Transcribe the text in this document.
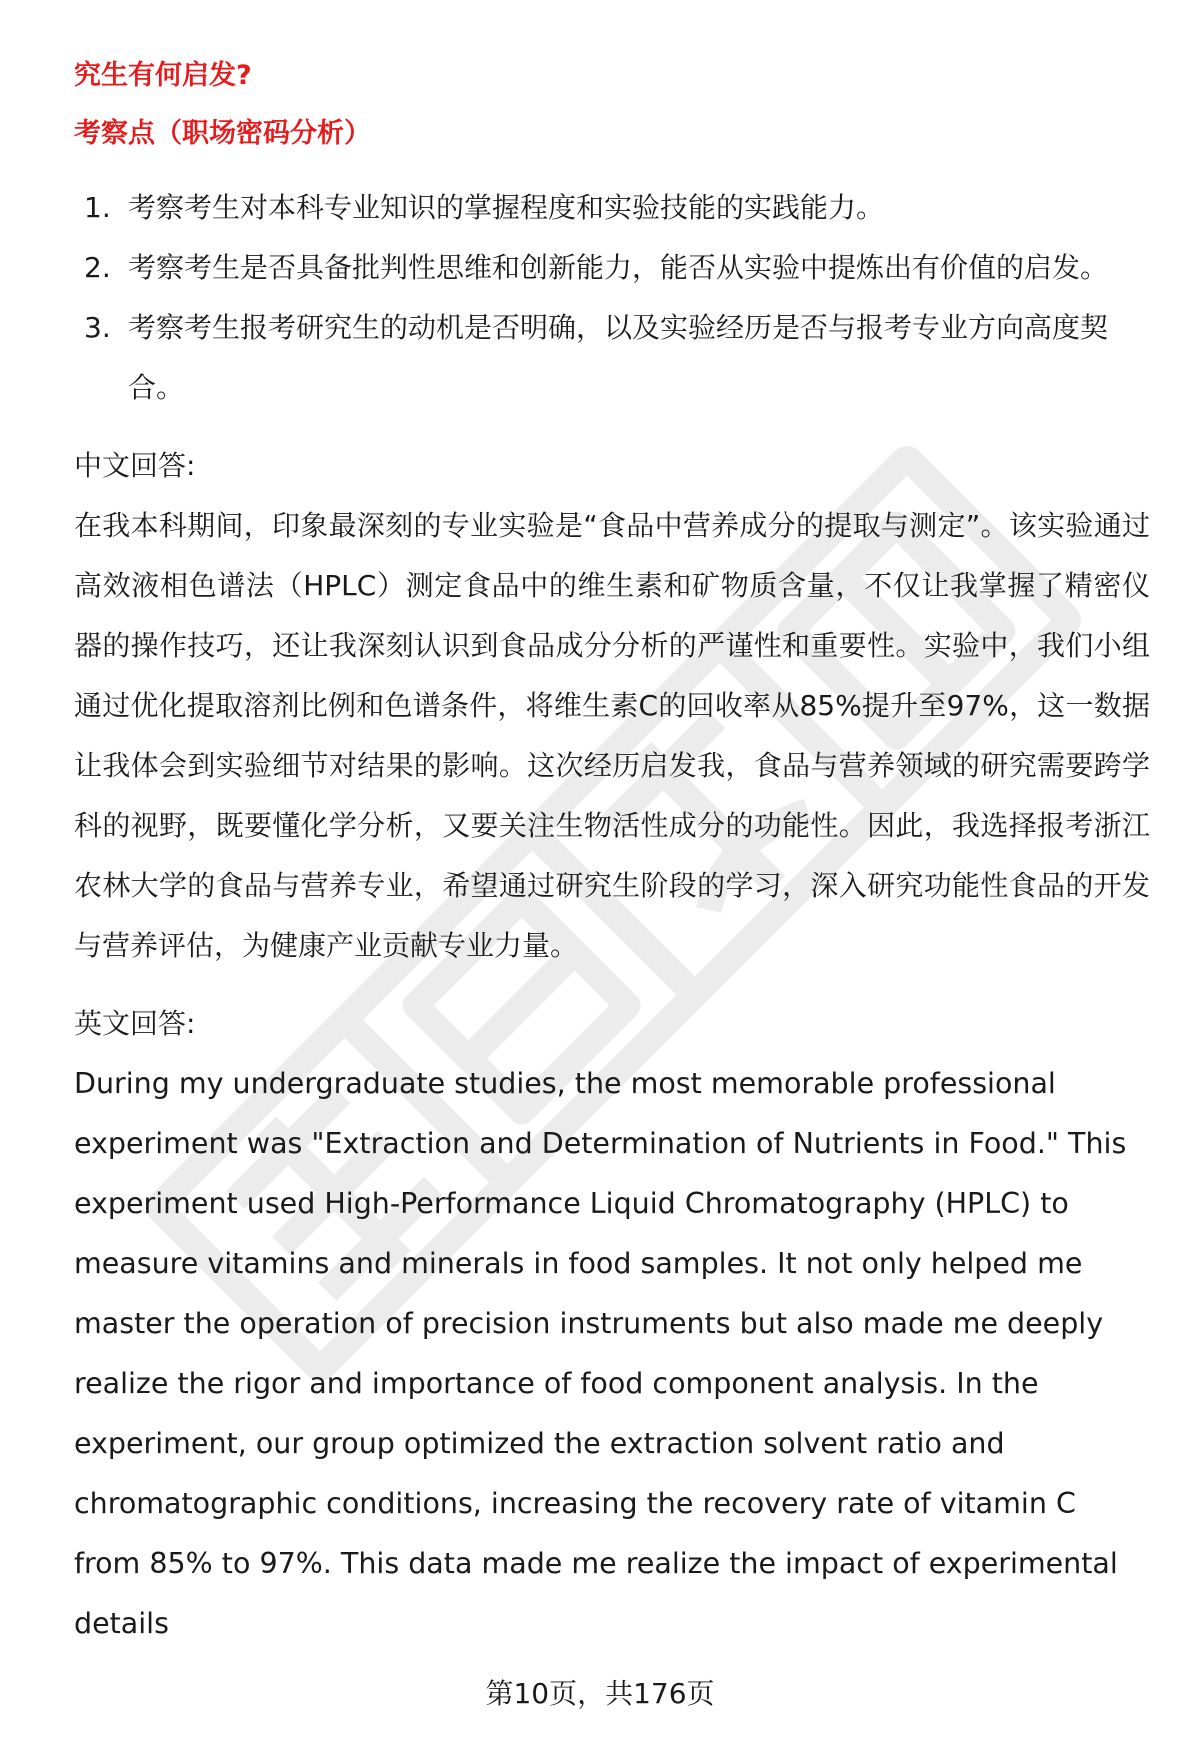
究生有何启发?

考察点（职场密码分析）

1. 考察考生对本科专业知识的掌握程度和实验技能的实践能力。
2. 考察考生是否具备批判性思维和创新能力，能否从实验中提炼出有价值的启发。
3. 考察考生报考研究生的动机是否明确，以及实验经历是否与报考专业方向高度契合。

中文回答:

在我本科期间，印象最深刻的专业实验是“食品中营养成分的提取与测定”。该实验通过高效液相色谱法（HPLC）测定食品中的维生素和矿物质含量，不仅让我掌握了精密仪器的操作技巧，还让我深刻认识到食品成分分析的严谨性和重要性。实验中，我们小组通过优化提取溶剂比例和色谱条件，将维生素C的回收率从85%提升至97%，这一数据让我体会到实验细节对结果的影响。这次经历启发我，食品与营养领域的研究需要跨学科的视野，既要懂化学分析，又要关注生物活性成分的功能性。因此，我选择报考浙江农林大学的食品与营养专业，希望通过研究生阶段的学习，深入研究功能性食品的开发与营养评估，为健康产业贡献专业力量。

英文回答:

During my undergraduate studies, the most memorable professional experiment was "Extraction and Determination of Nutrients in Food." This experiment used High-Performance Liquid Chromatography (HPLC) to measure vitamins and minerals in food samples. It not only helped me master the operation of precision instruments but also made me deeply realize the rigor and importance of food component analysis. In the experiment, our group optimized the extraction solvent ratio and chromatographic conditions, increasing the recovery rate of vitamin C from 85% to 97%. This data made me realize the impact of experimental details

第10页，共176页
